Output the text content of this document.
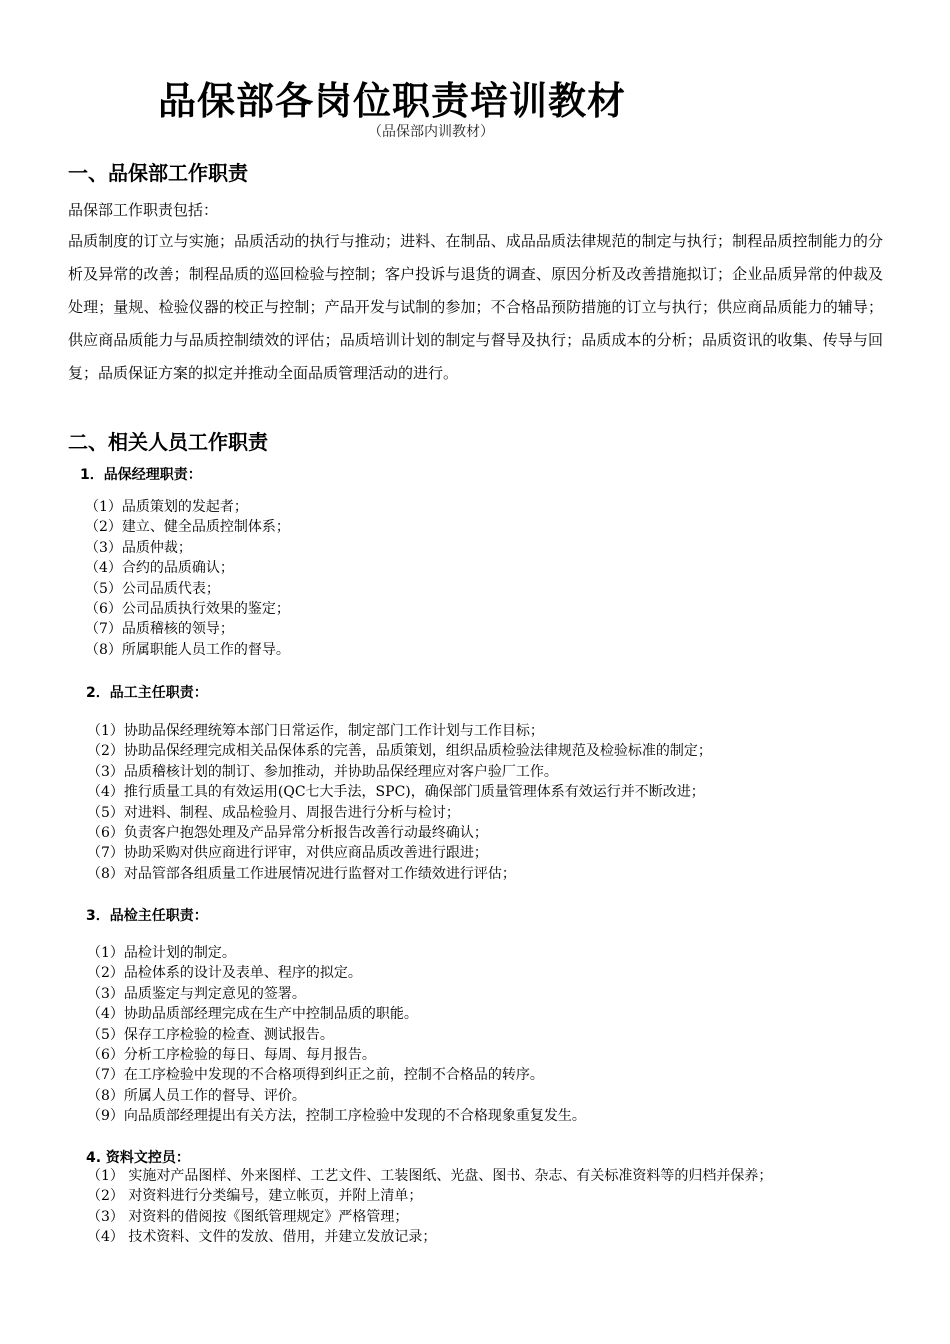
品保部各岗位职责培训教材
（品保部内训教材）
一、品保部工作职责

品保部工作职责包括：

品质制度的订立与实施；品质活动的执行与推动；进料、在制品、成品品质法律规范的制定与执行；制程品质控制能力的分析及异常的改善；制程品质的巡回检验与控制；客户投诉与退货的调查、原因分析及改善措施拟订；企业品质异常的仲裁及处理；量规、检验仪器的校正与控制；产品开发与试制的参加；不合格品预防措施的订立与执行；供应商品质能力的辅导；供应商品质能力与品质控制绩效的评估；品质培训计划的制定与督导及执行；品质成本的分析；品质资讯的收集、传导与回复；品质保证方案的拟定并推动全面品质管理活动的进行。

二、相关人员工作职责
1．品保经理职责：
（1）品质策划的发起者；
（2）建立、健全品质控制体系；
（3）品质仲裁；
（4）合约的品质确认；
（5）公司品质代表；
（6）公司品质执行效果的鉴定；
（7）品质稽核的领导；
（8）所属职能人员工作的督导。
2．品工主任职责：
（1）协助品保经理统筹本部门日常运作，制定部门工作计划与工作目标；
（2）协助品保经理完成相关品保体系的完善，品质策划，组织品质检验法律规范及检验标准的制定；
（3）品质稽核计划的制订、参加推动，并协助品保经理应对客户验厂工作。
（4）推行质量工具的有效运用(QC七大手法，SPC)，确保部门质量管理体系有效运行并不断改进；
（5）对进料、制程、成品检验月、周报告进行分析与检讨；
（6）负责客户抱怨处理及产品异常分析报告改善行动最终确认；
（7）协助采购对供应商进行评审，对供应商品质改善进行跟进；
（8）对品管部各组质量工作进展情况进行监督对工作绩效进行评估；
3．品检主任职责：
（1）品检计划的制定。
（2）品检体系的设计及表单、程序的拟定。
（3）品质鉴定与判定意见的签署。
（4）协助品质部经理完成在生产中控制品质的职能。
（5）保存工序检验的检查、测试报告。
（6）分析工序检验的每日、每周、每月报告。
（7）在工序检验中发现的不合格项得到纠正之前，控制不合格品的转序。
（8）所属人员工作的督导、评价。
（9）向品质部经理提出有关方法，控制工序检验中发现的不合格现象重复发生。
4. 资料文控员：
（1） 实施对产品图样、外来图样、工艺文件、工装图纸、光盘、图书、杂志、有关标准资料等的归档并保养；
（2） 对资料进行分类编号，建立帐页，并附上清单；
（3） 对资料的借阅按《图纸管理规定》严格管理；
（4） 技术资料、文件的发放、借用，并建立发放记录；
